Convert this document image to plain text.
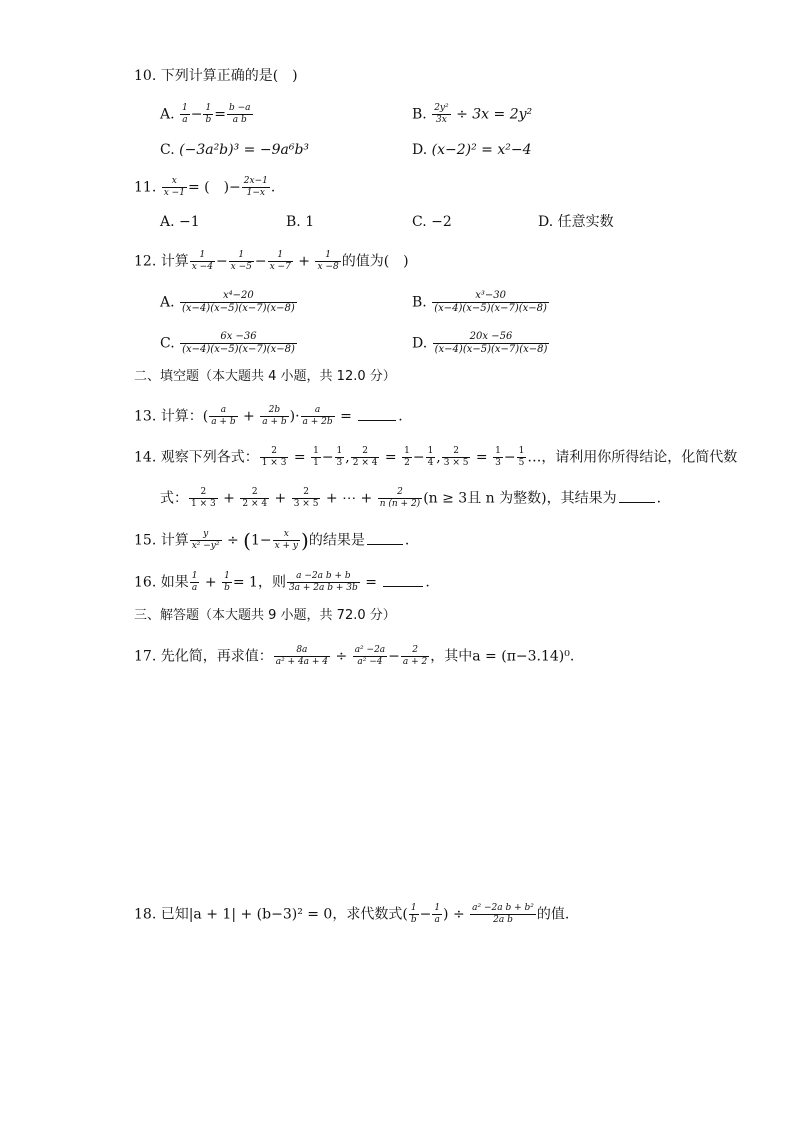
10. 下列计算正确的是(　)
A. $\frac{1}{a} - \frac{1}{b} = \frac{b -a}{\text{a b}}$	B. $\frac{\text{2y²}}{3x} \div 3x = 2y^2$
C. (−3a²b)³ = −9a⁶b³	D. (x−2)² = x²−4
11. $\frac{x}{x -1}$ = (　)− $\frac{2x-1}{1-x}$ .
A. −1	B. 1	C. −2	D. 任意实数
12. 计算 $\frac{1}{x -4} - \frac{1}{x -5} - \frac{1}{x -7} + \frac{1}{x -8}$ 的值为(　)
A. $\frac{\text{x⁴−20}}{(x-4)(x-5)(x-7)(x-8)}$	B. $\frac{\text{x³−30}}{(x-4)(x-5)(x-7)(x-8)}$
C. $\frac{6x -36}{(x-4)(x-5)(x-7)(x-8)}$	D. $\frac{20x -56}{(x-4)(x-5)(x-7)(x-8)}$
二、填空题（本大题共 4 小题，共 12.0 分）
13. 计算：( $\frac{a}{a + b} + \frac{2b}{a + b}$ )· $\frac{a}{a + 2b}$ =	.
14. 观察下列各式： $\frac{2}{1 \times 3} = \frac{1}{1} - \frac{1}{3}$ , $\frac{2}{2 \times 4} = \frac{1}{2} - \frac{1}{4}$ , $\frac{2}{3 \times 5} = \frac{1}{3} - \frac{1}{5}$ …，请利用你所得结论，化简代数
式： $\frac{2}{1 \times 3} + \frac{2}{2 \times 4} + \frac{2}{3 \times 5}$ + ⋯ + $\frac{2}{n (n + 2)} (n \ge 3$且 n 为整数)，其结果为	.
15. 计算 $\frac{y}{\text{x² −y²}} \div (1- \frac{x}{x + y}$ )的结果是	.
16. 如果 $\frac{1}{a} + \frac{1}{b} = 1$，则 $\frac{\text{a −2a b + b}}{\text{3a + 2a b + 3b}}$ =	.
三、解答题（本大题共 9 小题，共 72.0 分）
17. 先化简，再求值： $\frac{8a}{\text{a² + 4a + 4}} \div \frac{\text{a² −2a}}{\text{a² −4}} - \frac{2}{a + 2}$ ，其中a = (π−3.14)⁰.
18. 已知|a + 1| + (b−3)² = 0，求代数式( $\frac{1}{b} - \frac{1}{a}$ ) ÷ $\frac{\text{a² −2a b + b²}}{\text{2a b}}$ 的值.
